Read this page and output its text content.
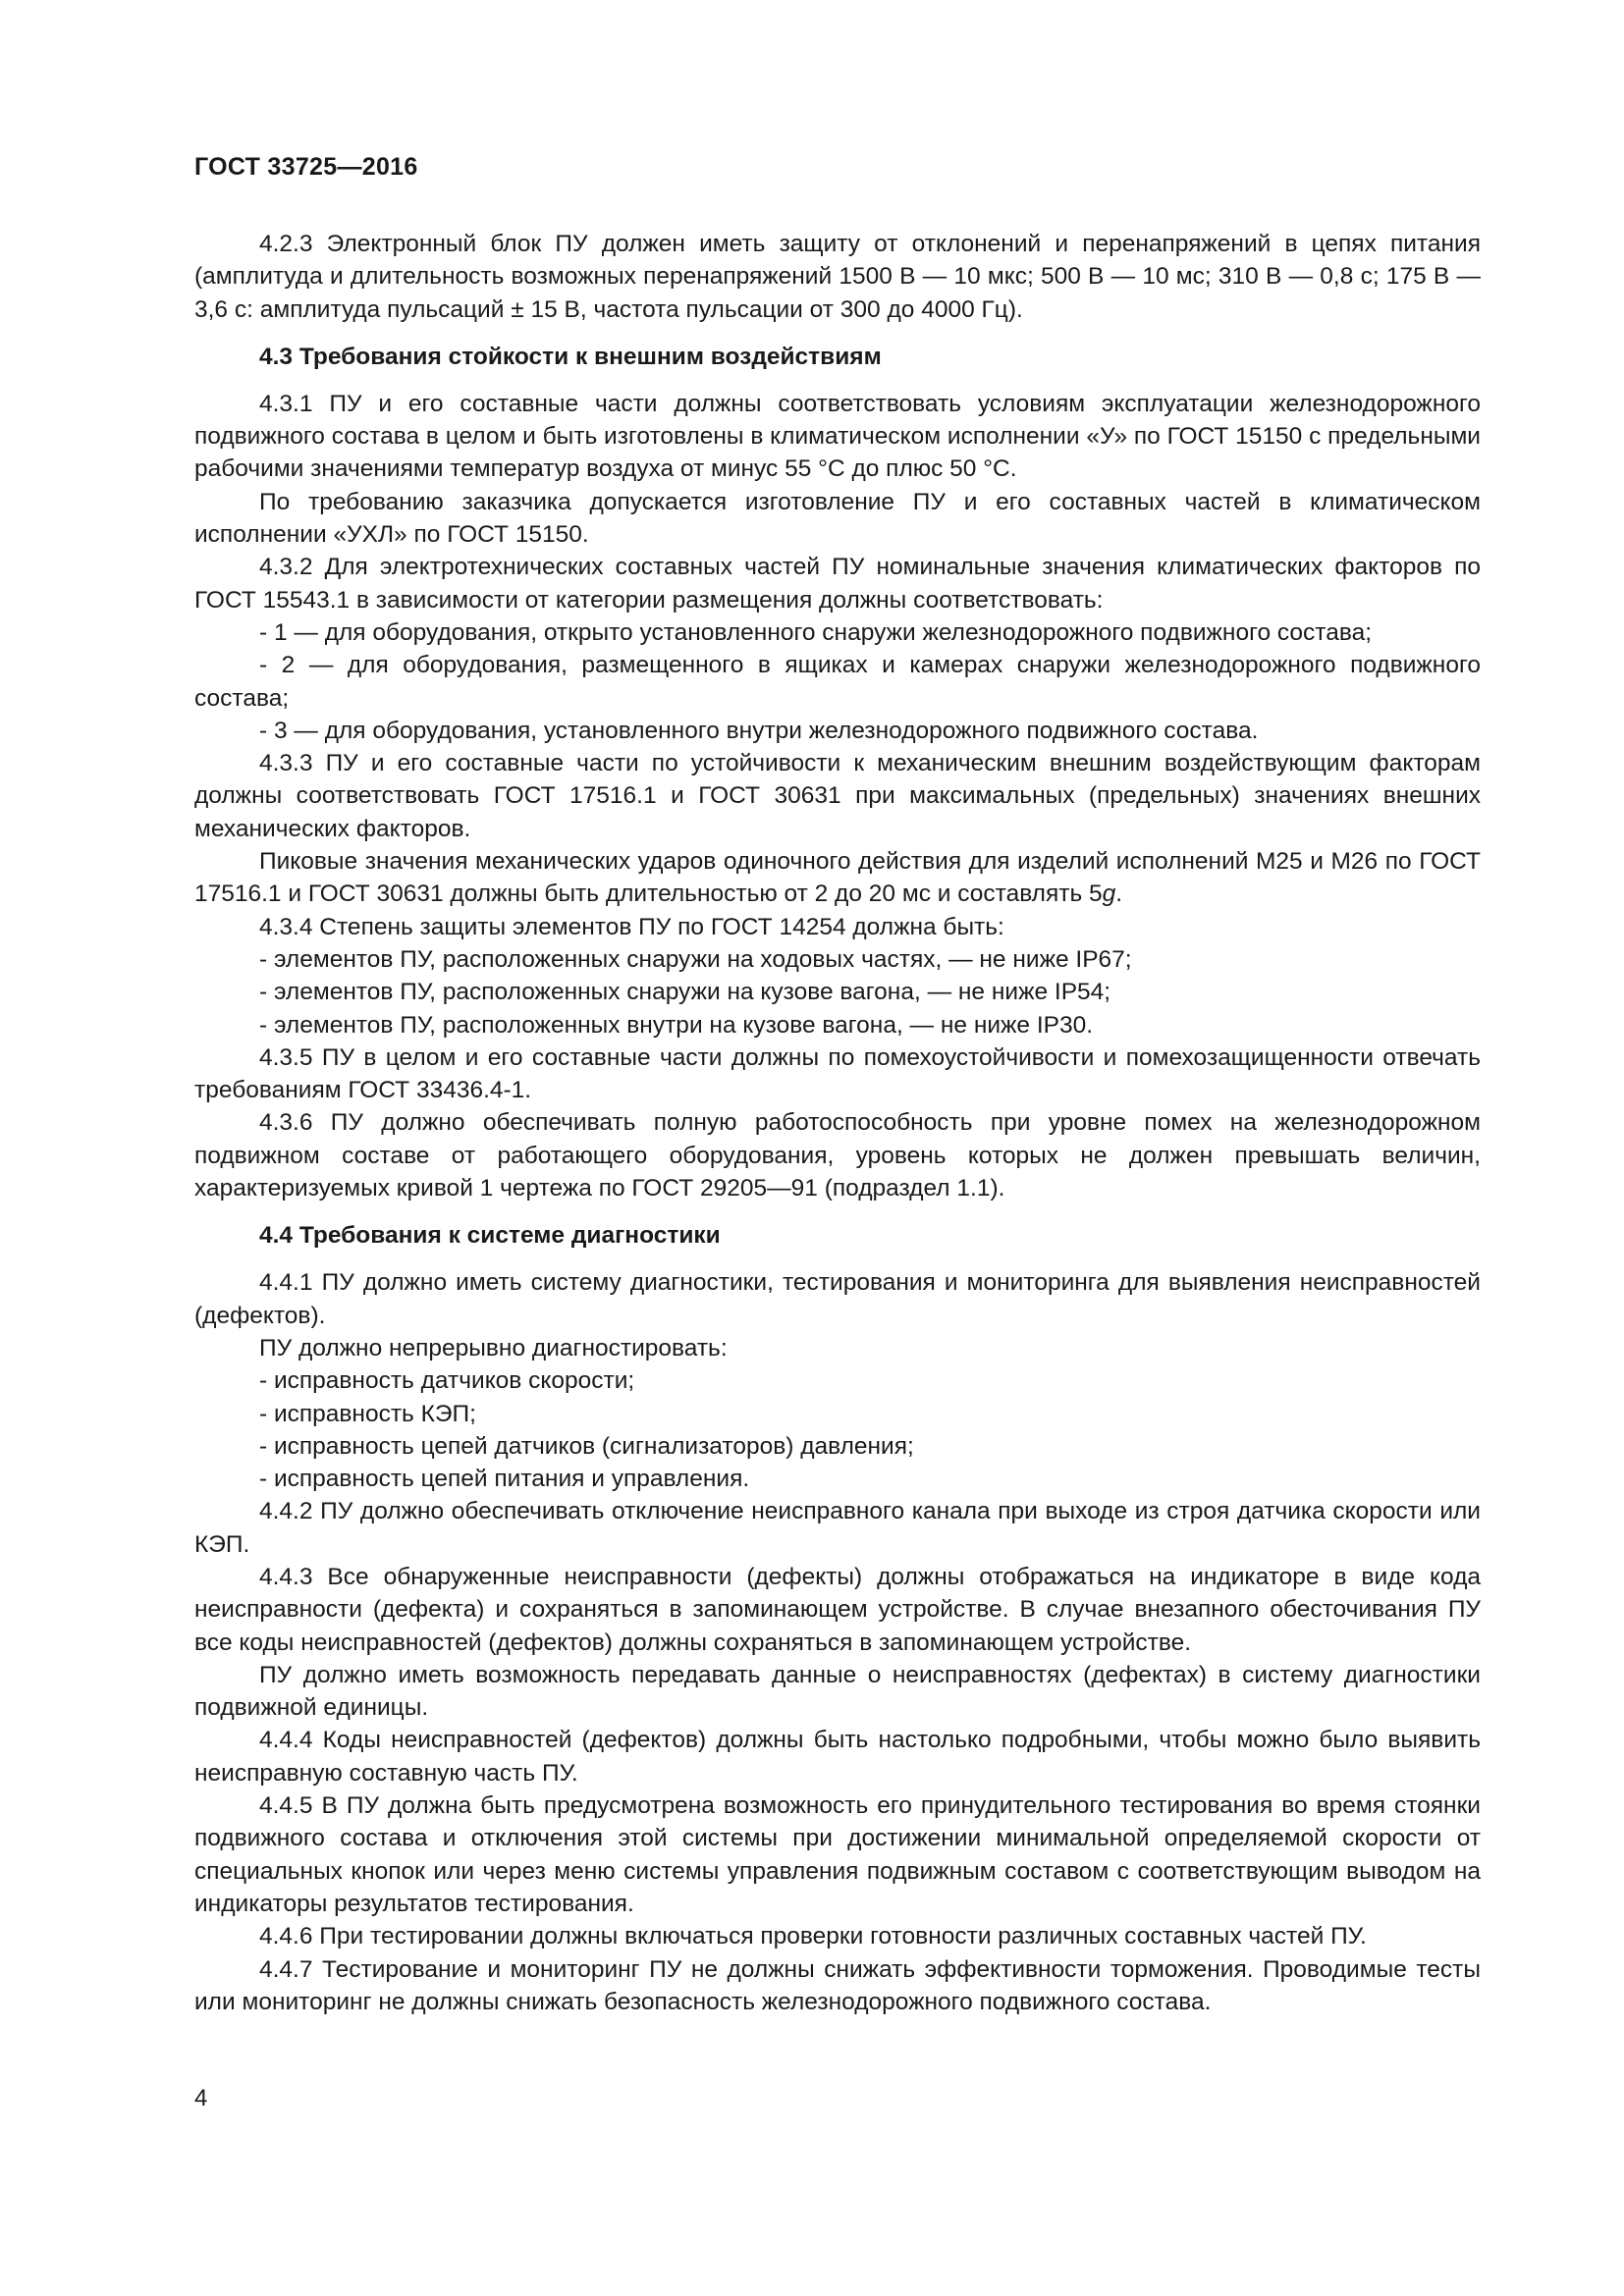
ГОСТ 33725—2016

4.2.3 Электронный блок ПУ должен иметь защиту от отклонений и перенапряжений в цепях питания (амплитуда и длительность возможных перенапряжений 1500 В — 10 мкс; 500 В — 10 мс; 310 В — 0,8 с; 175 В — 3,6 с: амплитуда пульсаций ± 15 В, частота пульсации от 300 до 4000 Гц).

4.3 Требования стойкости к внешним воздействиям

4.3.1 ПУ и его составные части должны соответствовать условиям эксплуатации железнодорожного подвижного состава в целом и быть изготовлены в климатическом исполнении «У» по ГОСТ 15150 с предельными рабочими значениями температур воздуха от минус 55 °С до плюс 50 °С.

По требованию заказчика допускается изготовление ПУ и его составных частей в климатическом исполнении «УХЛ» по ГОСТ 15150.

4.3.2 Для электротехнических составных частей ПУ номинальные значения климатических факторов по ГОСТ 15543.1 в зависимости от категории размещения должны соответствовать:

- 1 — для оборудования, открыто установленного снаружи железнодорожного подвижного состава;

- 2 — для оборудования, размещенного в ящиках и камерах снаружи железнодорожного подвижного состава;

- 3 — для оборудования, установленного внутри железнодорожного подвижного состава.

4.3.3 ПУ и его составные части по устойчивости к механическим внешним воздействующим факторам должны соответствовать ГОСТ 17516.1 и ГОСТ 30631 при максимальных (предельных) значениях внешних механических факторов.

Пиковые значения механических ударов одиночного действия для изделий исполнений М25 и М26 по ГОСТ 17516.1 и ГОСТ 30631 должны быть длительностью от 2 до 20 мс и составлять 5g.

4.3.4 Степень защиты элементов ПУ по ГОСТ 14254 должна быть:

- элементов ПУ, расположенных снаружи на ходовых частях, — не ниже IP67;

- элементов ПУ, расположенных снаружи на кузове вагона, — не ниже IP54;

- элементов ПУ, расположенных внутри на кузове вагона, — не ниже IP30.

4.3.5 ПУ в целом и его составные части должны по помехоустойчивости и помехозащищенности отвечать требованиям ГОСТ 33436.4-1.

4.3.6 ПУ должно обеспечивать полную работоспособность при уровне помех на железнодорожном подвижном составе от работающего оборудования, уровень которых не должен превышать величин, характеризуемых кривой 1 чертежа по ГОСТ 29205—91 (подраздел 1.1).

4.4 Требования к системе диагностики

4.4.1 ПУ должно иметь систему диагностики, тестирования и мониторинга для выявления неисправностей (дефектов).

ПУ должно непрерывно диагностировать:

- исправность датчиков скорости;

- исправность КЭП;

- исправность цепей датчиков (сигнализаторов) давления;

- исправность цепей питания и управления.

4.4.2 ПУ должно обеспечивать отключение неисправного канала при выходе из строя датчика скорости или КЭП.

4.4.3 Все обнаруженные неисправности (дефекты) должны отображаться на индикаторе в виде кода неисправности (дефекта) и сохраняться в запоминающем устройстве. В случае внезапного обесточивания ПУ все коды неисправностей (дефектов) должны сохраняться в запоминающем устройстве.

ПУ должно иметь возможность передавать данные о неисправностях (дефектах) в систему диагностики подвижной единицы.

4.4.4 Коды неисправностей (дефектов) должны быть настолько подробными, чтобы можно было выявить неисправную составную часть ПУ.

4.4.5 В ПУ должна быть предусмотрена возможность его принудительного тестирования во время стоянки подвижного состава и отключения этой системы при достижении минимальной определяемой скорости от специальных кнопок или через меню системы управления подвижным составом с соответствующим выводом на индикаторы результатов тестирования.

4.4.6 При тестировании должны включаться проверки готовности различных составных частей ПУ.

4.4.7 Тестирование и мониторинг ПУ не должны снижать эффективности торможения. Проводимые тесты или мониторинг не должны снижать безопасность железнодорожного подвижного состава.

4
